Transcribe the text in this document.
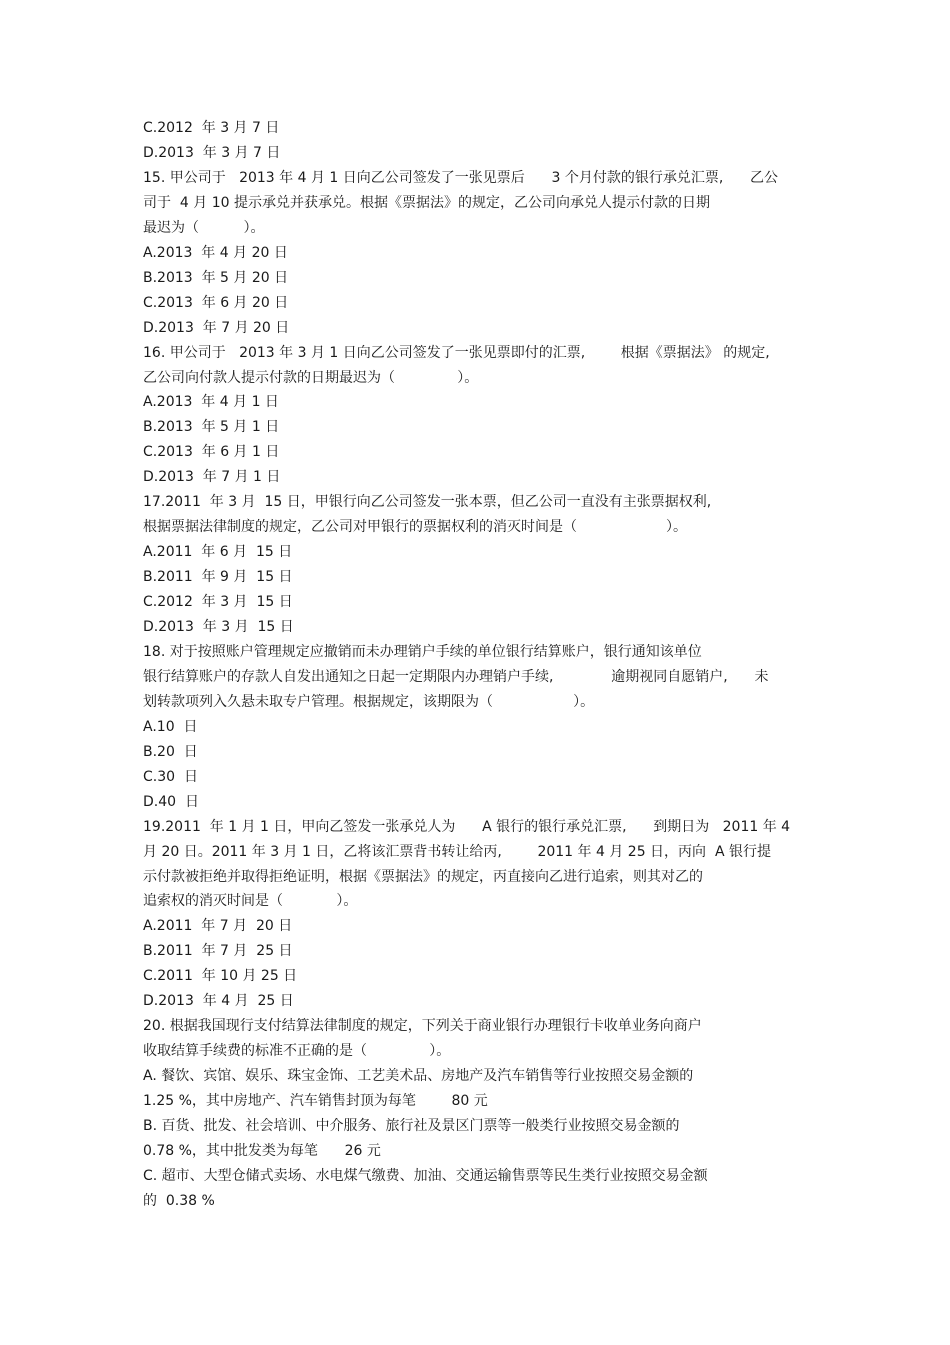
C.2012  年 3 月 7 日
D.2013  年 3 月 7 日
15. 甲公司于   2013 年 4 月 1 日向乙公司签发了一张见票后      3 个月付款的银行承兑汇票,      乙公
司于  4 月 10 提示承兑并获承兑。根据《票据法》的规定，乙公司向承兑人提示付款的日期
最迟为（          ）。
A.2013  年 4 月 20 日
B.2013  年 5 月 20 日
C.2013  年 6 月 20 日
D.2013  年 7 月 20 日
16. 甲公司于   2013 年 3 月 1 日向乙公司签发了一张见票即付的汇票,        根据《票据法》 的规定,
乙公司向付款人提示付款的日期最迟为（              ）。
A.2013  年 4 月 1 日
B.2013  年 5 月 1 日
C.2013  年 6 月 1 日
D.2013  年 7 月 1 日
17.2011  年 3 月  15 日，甲银行向乙公司签发一张本票，但乙公司一直没有主张票据权利,
根据票据法律制度的规定，乙公司对甲银行的票据权利的消灭时间是（                    ）。
A.2011  年 6 月  15 日
B.2011  年 9 月  15 日
C.2012  年 3 月  15 日
D.2013  年 3 月  15 日
18. 对于按照账户管理规定应撤销而未办理销户手续的单位银行结算账户，银行通知该单位
银行结算账户的存款人自发出通知之日起一定期限内办理销户手续,             逾期视同自愿销户,      未
划转款项列入久悬未取专户管理。根据规定，该期限为（                  ）。
A.10  日
B.20  日
C.30  日
D.40  日
19.2011  年 1 月 1 日，甲向乙签发一张承兑人为      A 银行的银行承兑汇票,      到期日为   2011 年 4
月 20 日。2011 年 3 月 1 日，乙将该汇票背书转让给丙,        2011 年 4 月 25 日，丙向  A 银行提
示付款被拒绝并取得拒绝证明，根据《票据法》的规定，丙直接向乙进行追索，则其对乙的
追索权的消灭时间是（            ）。
A.2011  年 7 月  20 日
B.2011  年 7 月  25 日
C.2011  年 10 月 25 日
D.2013  年 4 月  25 日
20. 根据我国现行支付结算法律制度的规定，下列关于商业银行办理银行卡收单业务向商户
收取结算手续费的标准不正确的是（              ）。
A. 餐饮、宾馆、娱乐、珠宝金饰、工艺美术品、房地产及汽车销售等行业按照交易金额的
1.25 %，其中房地产、汽车销售封顶为每笔        80 元
B. 百货、批发、社会培训、中介服务、旅行社及景区门票等一般类行业按照交易金额的
0.78 %，其中批发类为每笔      26 元
C. 超市、大型仓储式卖场、水电煤气缴费、加油、交通运输售票等民生类行业按照交易金额
的  0.38 %
